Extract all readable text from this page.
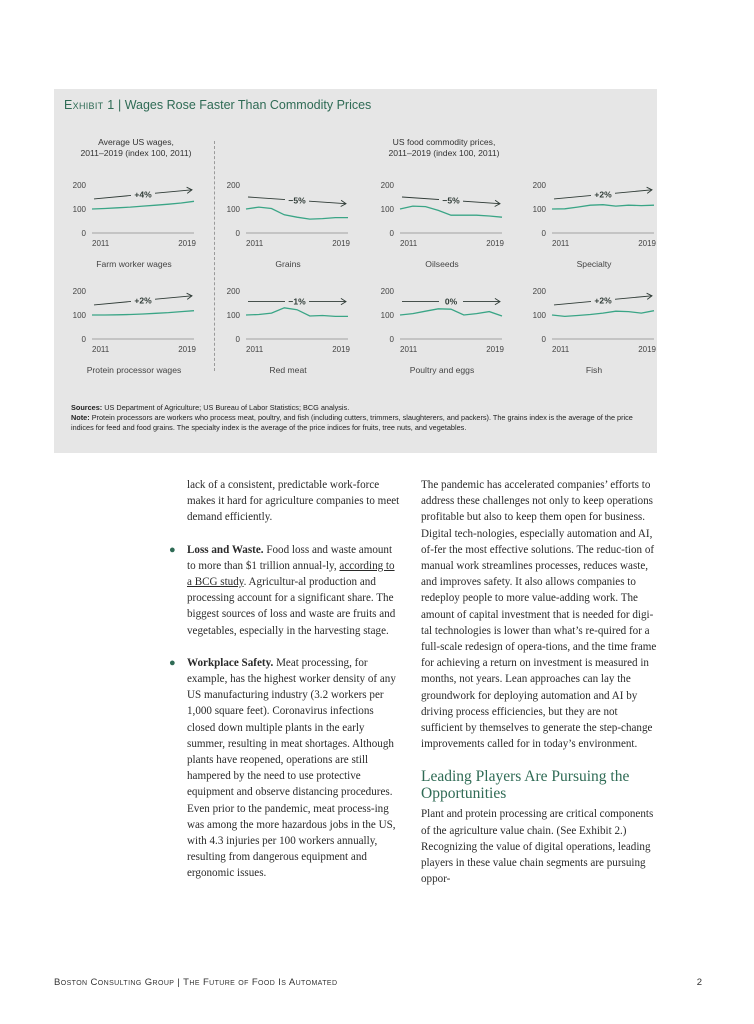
Exhibit 1 | Wages Rose Faster Than Commodity Prices
Average US wages,
2011–2019 (index 100, 2011)
US food commodity prices,
2011–2019 (index 100, 2011)
0
100
200
2011	2019
+4%
Farm worker wages
0
100
200
2011	2019
−5%
Grains
0
100
200
2011	2019
−5%
Oilseeds
0
100
200
2011	2019
+2%
Specialty
0
100
200
2011	2019
+2%
Protein processor wages
0
100
200
2011	2019
−1%
Red meat
0
100
200
2011	2019
0%
Poultry and eggs
0
100
200
2011	2019
+2%
Fish
Sources: US Department of Agriculture; US Bureau of Labor Statistics; BCG analysis.
Note: Protein processors are workers who process meat, poultry, and fish (including cutters, trimmers, slaughterers, and packers). The grains index is the average of the price indices for feed and food grains. The specialty index is the average of the price indices for fruits, tree nuts, and vegetables.

lack of a consistent, predictable work-force makes it hard for agriculture companies to meet demand efficiently.

● Loss and Waste. Food loss and waste amount to more than $1 trillion annual-ly, according to a BCG study. Agricultur-al production and processing account for a significant share. The biggest sources of loss and waste are fruits and vegetables, especially in the harvesting stage.

● Workplace Safety. Meat processing, for example, has the highest worker density of any US manufacturing industry (3.2 workers per 1,000 square feet). Coronavirus infections closed down multiple plants in the early summer, resulting in meat shortages. Although plants have reopened, operations are still hampered by the need to use protective equipment and observe distancing procedures. Even prior to the pandemic, meat process-ing was among the more hazardous jobs in the US, with 4.3 injuries per 100 workers annually, resulting from dangerous equipment and ergonomic issues.

The pandemic has accelerated companies’ efforts to address these challenges not only to keep operations profitable but also to keep them open for business. Digital tech-nologies, especially automation and AI, of-fer the most effective solutions. The reduc-tion of manual work streamlines processes, reduces waste, and improves safety. It also allows companies to redeploy people to more value-adding work. The amount of capital investment that is needed for digi-tal technologies is lower than what’s re-quired for a full-scale redesign of opera-tions, and the time frame for achieving a return on investment is measured in months, not years. Lean approaches can lay the groundwork for deploying automation and AI by driving process efficiencies, but they are not sufficient by themselves to generate the step-change improvements called for in today’s environment.

Leading Players Are Pursuing the Opportunities

Plant and protein processing are critical components of the agriculture value chain. (See Exhibit 2.) Recognizing the value of digital operations, leading players in these value chain segments are pursuing oppor-

Boston Consulting Group | The Future of Food Is Automated	2
